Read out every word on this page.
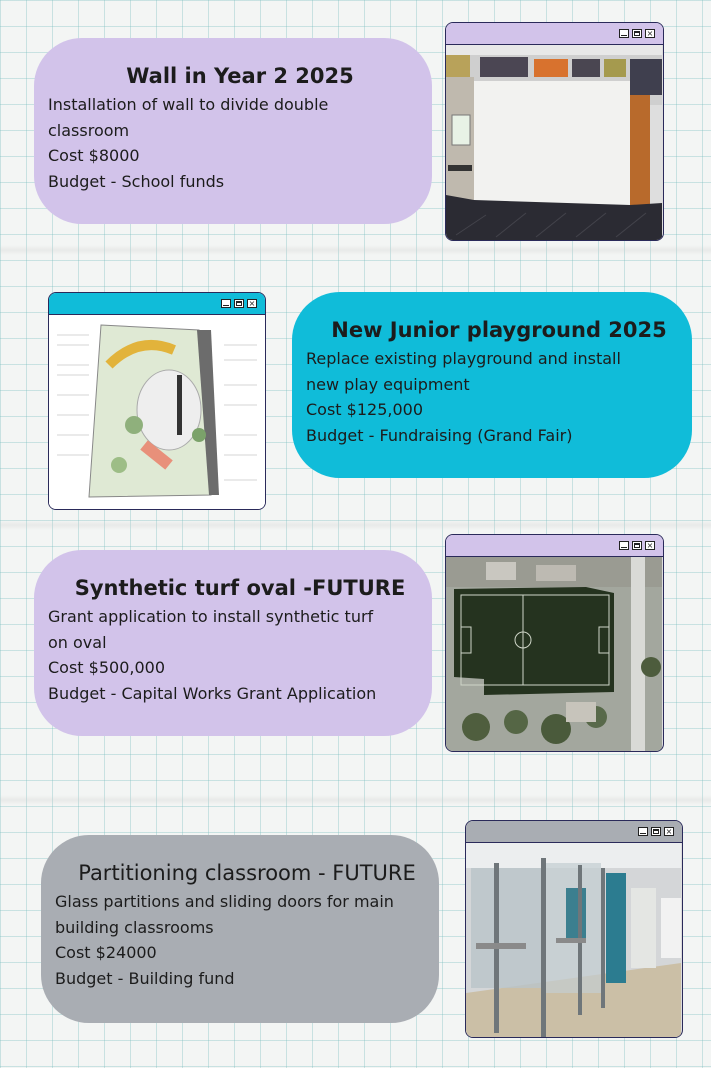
Wall in Year 2 2025

Installation of wall to divide double
classroom
Cost $8000
Budget - School funds

×
×
New Junior playground 2025

Replace existing playground and install
new play equipment
Cost $125,000
Budget - Fundraising (Grand Fair)

Synthetic turf oval -FUTURE

Grant application to install synthetic turf
on oval
Cost $500,000
Budget - Capital Works Grant Application

×
Partitioning classroom - FUTURE

Glass partitions and sliding doors for main
building classrooms
Cost $24000
Budget - Building fund

×
